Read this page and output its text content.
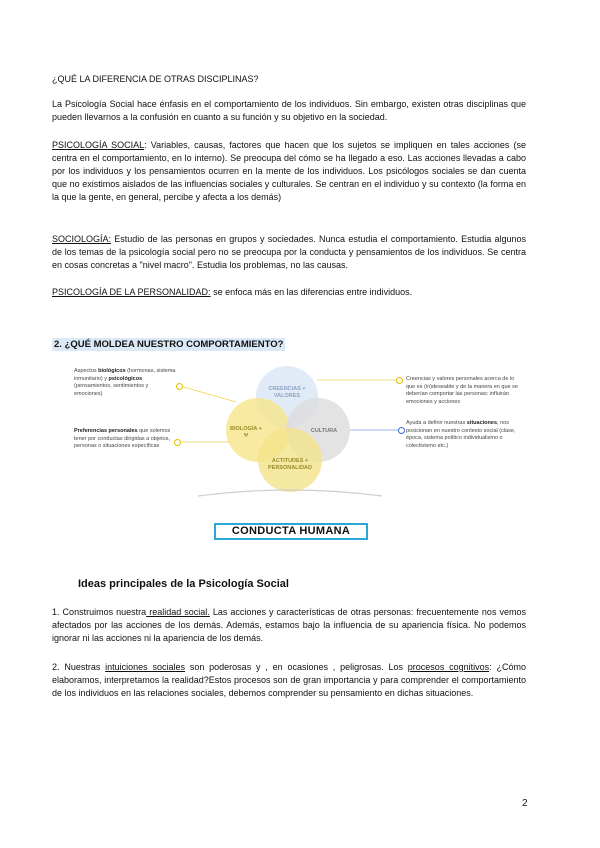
¿QUÉ LA DIFERENCIA DE OTRAS DISCIPLINAS?

La Psicología Social hace énfasis en el comportamiento de los individuos. Sin embargo, existen otras disciplinas que pueden llevarnos a la confusión en cuanto a su función y su objetivo en la sociedad.

PSICOLOGÍA SOCIAL: Variables, causas, factores que hacen que los sujetos se impliquen en tales acciones (se centra en el comportamiento, en lo interno). Se preocupa del cómo se ha llegado a eso. Las acciones llevadas a cabo por los individuos y los pensamientos ocurren en la mente de los individuos. Los psicólogos sociales se dan cuenta que no existimos aislados de las influencias sociales y culturales. Se centran en el individuo y su contexto (la forma en la que la gente, en general, percibe y afecta a los demás)

SOCIOLOGÍA: Estudio de las personas en grupos y sociedades. Nunca estudia el comportamiento. Estudia algunos de los temas de la psicología social pero no se preocupa por la conducta y pensamientos de los individuos. Se centra en cosas concretas a "nivel macro". Estudia los problemas, no las causas.

PSICOLOGÍA DE LA PERSONALIDAD: se enfoca más en las diferencias entre individuos.

2. ¿QUÉ MOLDEA NUESTRO COMPORTAMIENTO?
CREENCIAS + VALORES
BIOLOGÍA + Ψ
CULTURA
ACTITUDES + PERSONALIDAD
Aspectos biológicos (hormonas, sistema inmunitario) y psicológicos (pensamientos, sentimientos y emociones)
Preferencias personales que solemos tener por conductas dirigidas a objetos, personas o situaciones específicas
Creencias y valores personales acerca de lo que es (in)deseable y de la manera en que se deberían comportar las personas: influirán emociones y acciones
Ayuda a definir nuestras situaciones, nos posicionan en nuestro contexto social (clase, época, sistema político individualismo o colectivismo etc.)
CONDUCTA HUMANA
Ideas principales de la Psicología Social

1. Construimos nuestra realidad social. Las acciones y características de otras personas: frecuentemente nos vemos afectados por las acciones de los demás. Además, estamos bajo la influencia de su apariencia física. No podemos ignorar ni las acciones ni la apariencia de los demás.

2. Nuestras intuiciones sociales son poderosas y , en ocasiones , peligrosas. Los procesos cognitivos: ¿Cómo elaboramos, interpretamos la realidad?Estos procesos son de gran importancia y para comprender el comportamiento de los individuos en las relaciones sociales, debemos comprender su pensamiento en dichas situaciones.

2
